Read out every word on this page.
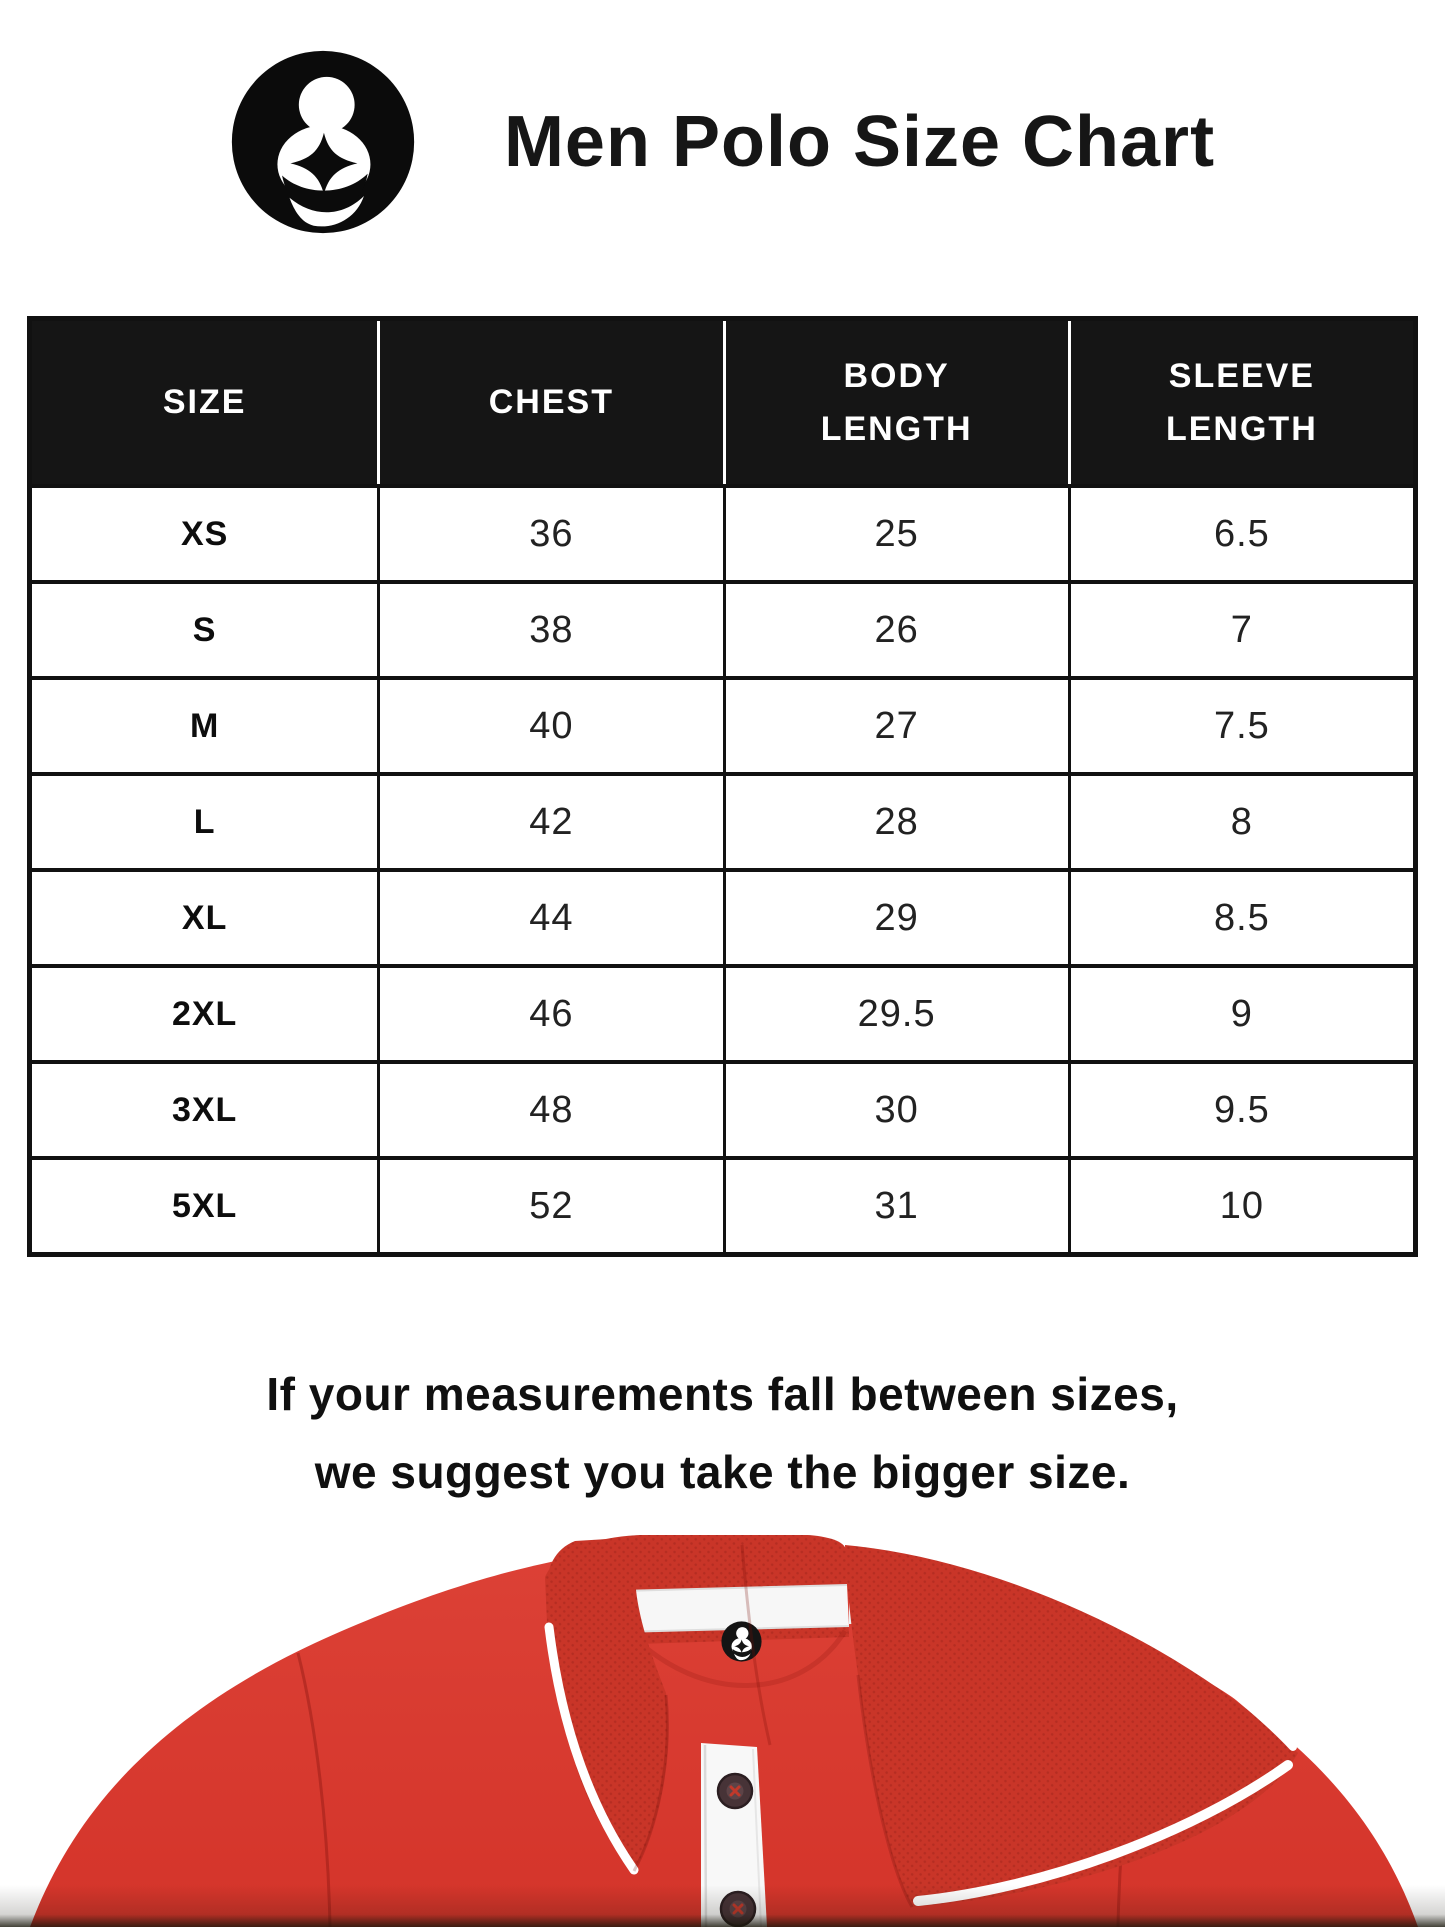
Men Polo Size Chart
SIZE	CHEST	BODY LENGTH	SLEEVE LENGTH

XS	36	25	6.5
S	38	26	7
M	40	27	7.5
L	42	28	8
XL	44	29	8.5
2XL	46	29.5	9
3XL	48	30	9.5
5XL	52	31	10
If your measurements fall between sizes,
we suggest you take the bigger size.
